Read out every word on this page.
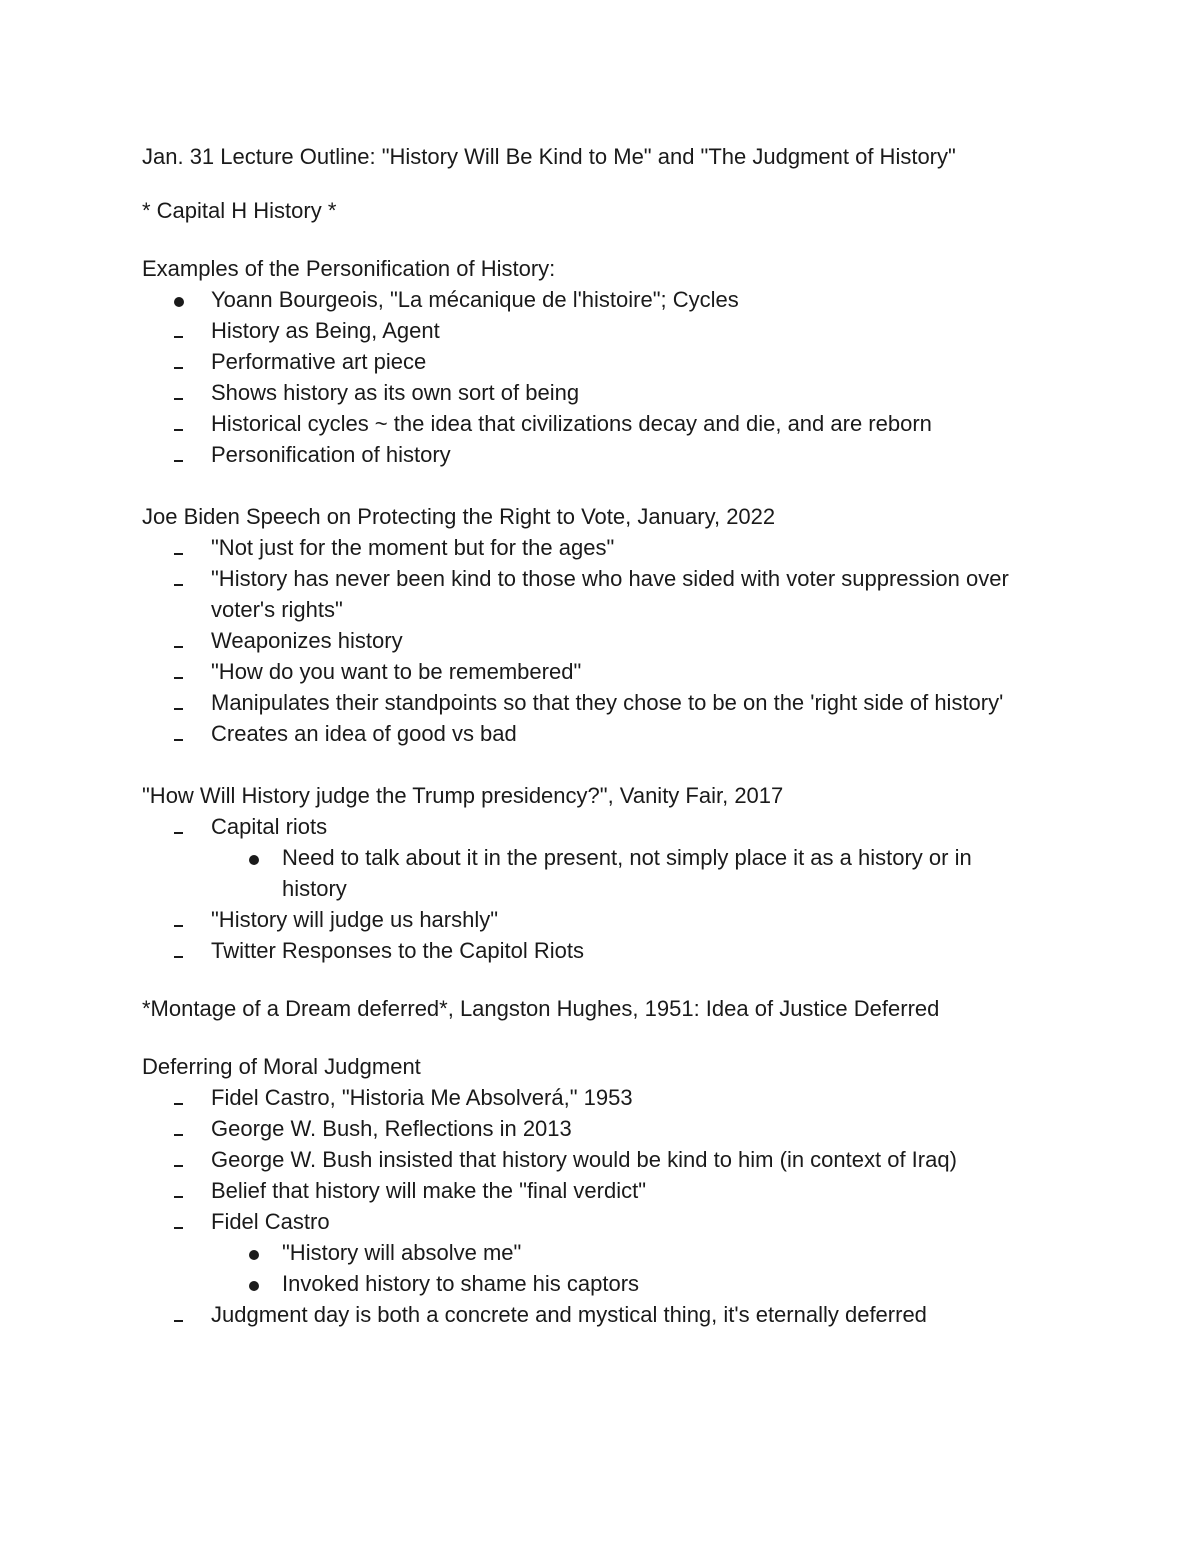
Jan. 31 Lecture Outline: "History Will Be Kind to Me" and "The Judgment of History"
* Capital H History *
Examples of the Personification of History:
Yoann Bourgeois, "La mécanique de l'histoire"; Cycles
History as Being, Agent
Performative art piece
Shows history as its own sort of being
Historical cycles ~ the idea that civilizations decay and die, and are reborn
Personification of history
Joe Biden Speech on Protecting the Right to Vote, January, 2022
"Not just for the moment but for the ages"
"History has never been kind to those who have sided with voter suppression over voter's rights"
Weaponizes history
"How do you want to be remembered"
Manipulates their standpoints so that they chose to be on the 'right side of history'
Creates an idea of good vs bad
"How Will History judge the Trump presidency?", Vanity Fair, 2017
Capital riots
Need to talk about it in the present, not simply place it as a history or in history
"History will judge us harshly"
Twitter Responses to the Capitol Riots
*Montage of a Dream deferred*, Langston Hughes, 1951: Idea of Justice Deferred
Deferring of Moral Judgment
Fidel Castro, "Historia Me Absolverá," 1953
George W. Bush, Reflections in 2013
George W. Bush insisted that history would be kind to him (in context of Iraq)
Belief that history will make the "final verdict"
Fidel Castro
"History will absolve me"
Invoked history to shame his captors
Judgment day is both a concrete and mystical thing, it's eternally deferred
